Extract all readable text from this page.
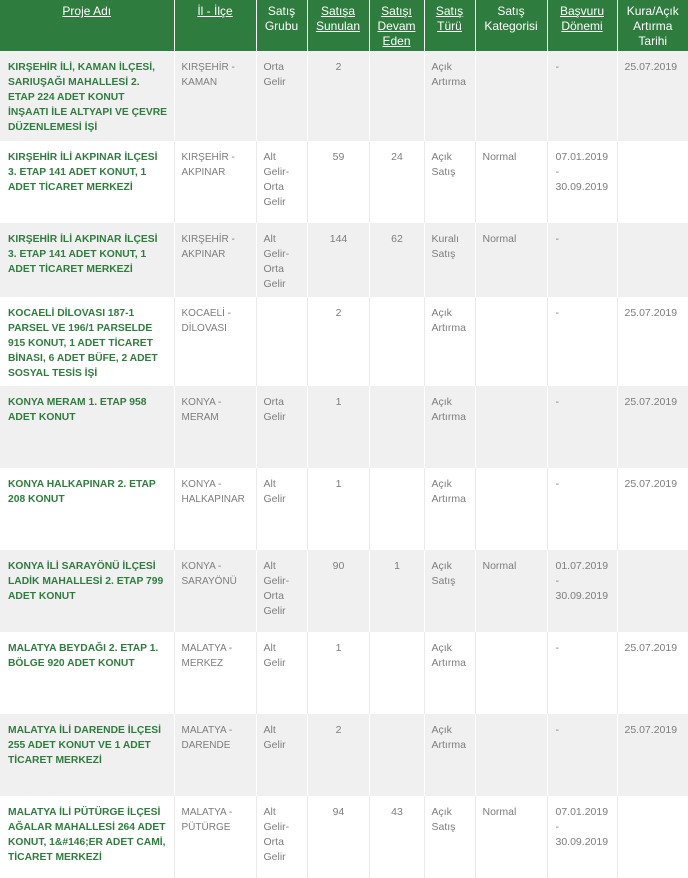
Proje Adı	İl - İlçe	Satış Grubu	Satışa Sunulan	Satışı Devam Eden	Satış Türü	Satış Kategorisi	Başvuru Dönemi	Kura/Açık Artırma Tarihi
KIRŞEHİR İLİ, KAMAN İLÇESİ, SARIUŞAĞI MAHALLESİ 2. ETAP 224 ADET KONUT İNŞAATI İLE ALTYAPI VE ÇEVRE DÜZENLEMESİ İŞİ	KIRŞEHİR - KAMAN	Orta Gelir	2		Açık Artırma		-	25.07.2019
KIRŞEHİR İLİ AKPINAR İLÇESİ 3. ETAP 141 ADET KONUT, 1 ADET TİCARET MERKEZİ	KIRŞEHİR - AKPINAR	Alt Gelir-Orta Gelir	59	24	Açık Satış	Normal	07.01.2019 - 30.09.2019	
KIRŞEHİR İLİ AKPINAR İLÇESİ 3. ETAP 141 ADET KONUT, 1 ADET TİCARET MERKEZİ	KIRŞEHİR - AKPINAR	Alt Gelir-Orta Gelir	144	62	Kuralı Satış	Normal	-	
KOCAELİ DİLOVASI 187-1 PARSEL VE 196/1 PARSELDE 915 KONUT, 1 ADET TİCARET BİNASI, 6 ADET BÜFE, 2 ADET SOSYAL TESİS İŞİ	KOCAELİ - DİLOVASI		2		Açık Artırma		-	25.07.2019
KONYA MERAM 1. ETAP 958 ADET KONUT	KONYA - MERAM	Orta Gelir	1		Açık Artırma		-	25.07.2019
KONYA HALKAPINAR 2. ETAP 208 KONUT	KONYA - HALKAPINAR	Alt Gelir	1		Açık Artırma		-	25.07.2019
KONYA İLİ SARAYÖNÜ İLÇESİ LADİK MAHALLESİ 2. ETAP 799 ADET KONUT	KONYA - SARAYÖNÜ	Alt Gelir-Orta Gelir	90	1	Açık Satış	Normal	01.07.2019 - 30.09.2019	
MALATYA BEYDAĞI 2. ETAP 1. BÖLGE 920 ADET KONUT	MALATYA - MERKEZ	Alt Gelir	1		Açık Artırma		-	25.07.2019
MALATYA İLİ DARENDE İLÇESİ 255 ADET KONUT VE 1 ADET TİCARET MERKEZİ	MALATYA - DARENDE	Alt Gelir	2		Açık Artırma		-	25.07.2019
MALATYA İLİ PÜTÜRGE İLÇESİ AĞALAR MAHALLESİ 264 ADET KONUT, 1&#146;ER ADET CAMİ, TİCARET MERKEZİ	MALATYA - PÜTÜRGE	Alt Gelir-Orta Gelir	94	43	Açık Satış	Normal	07.01.2019 - 30.09.2019	
